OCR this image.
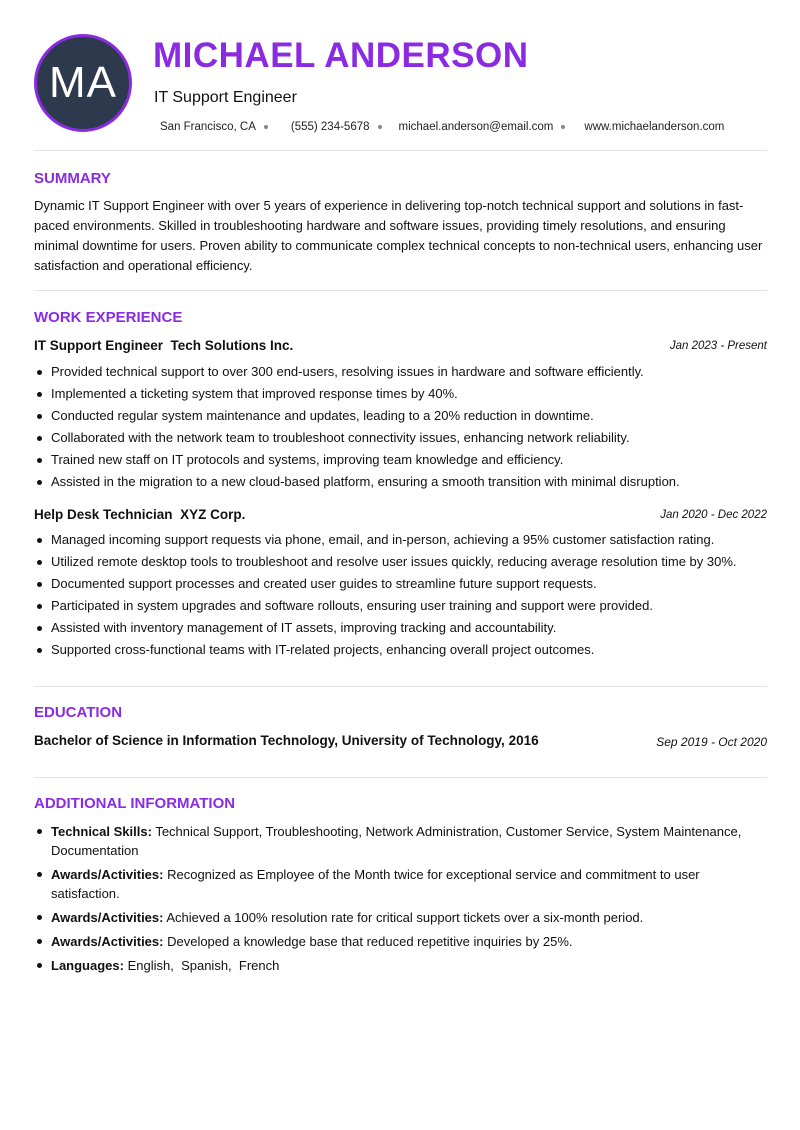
MA
MICHAEL ANDERSON
IT Support Engineer
San Francisco, CA	(555) 234-5678	michael.anderson@email.com	www.michaelanderson.com
SUMMARY
Dynamic IT Support Engineer with over 5 years of experience in delivering top-notch technical support and solutions in fast-paced environments. Skilled in troubleshooting hardware and software issues, providing timely resolutions, and ensuring minimal downtime for users. Proven ability to communicate complex technical concepts to non-technical users, enhancing user satisfaction and operational efficiency.
WORK EXPERIENCE
IT Support Engineer Tech Solutions Inc.	Jan 2023 - Present
Provided technical support to over 300 end-users, resolving issues in hardware and software efficiently.
Implemented a ticketing system that improved response times by 40%.
Conducted regular system maintenance and updates, leading to a 20% reduction in downtime.
Collaborated with the network team to troubleshoot connectivity issues, enhancing network reliability.
Trained new staff on IT protocols and systems, improving team knowledge and efficiency.
Assisted in the migration to a new cloud-based platform, ensuring a smooth transition with minimal disruption.
Help Desk Technician XYZ Corp.	Jan 2020 - Dec 2022
Managed incoming support requests via phone, email, and in-person, achieving a 95% customer satisfaction rating.
Utilized remote desktop tools to troubleshoot and resolve user issues quickly, reducing average resolution time by 30%.
Documented support processes and created user guides to streamline future support requests.
Participated in system upgrades and software rollouts, ensuring user training and support were provided.
Assisted with inventory management of IT assets, improving tracking and accountability.
Supported cross-functional teams with IT-related projects, enhancing overall project outcomes.
EDUCATION
Bachelor of Science in Information Technology, University of Technology, 2016	Sep 2019 - Oct 2020
ADDITIONAL INFORMATION
Technical Skills: Technical Support, Troubleshooting, Network Administration, Customer Service, System Maintenance, Documentation
Awards/Activities: Recognized as Employee of the Month twice for exceptional service and commitment to user satisfaction.
Awards/Activities: Achieved a 100% resolution rate for critical support tickets over a six-month period.
Awards/Activities: Developed a knowledge base that reduced repetitive inquiries by 25%.
Languages: English,  Spanish,  French
